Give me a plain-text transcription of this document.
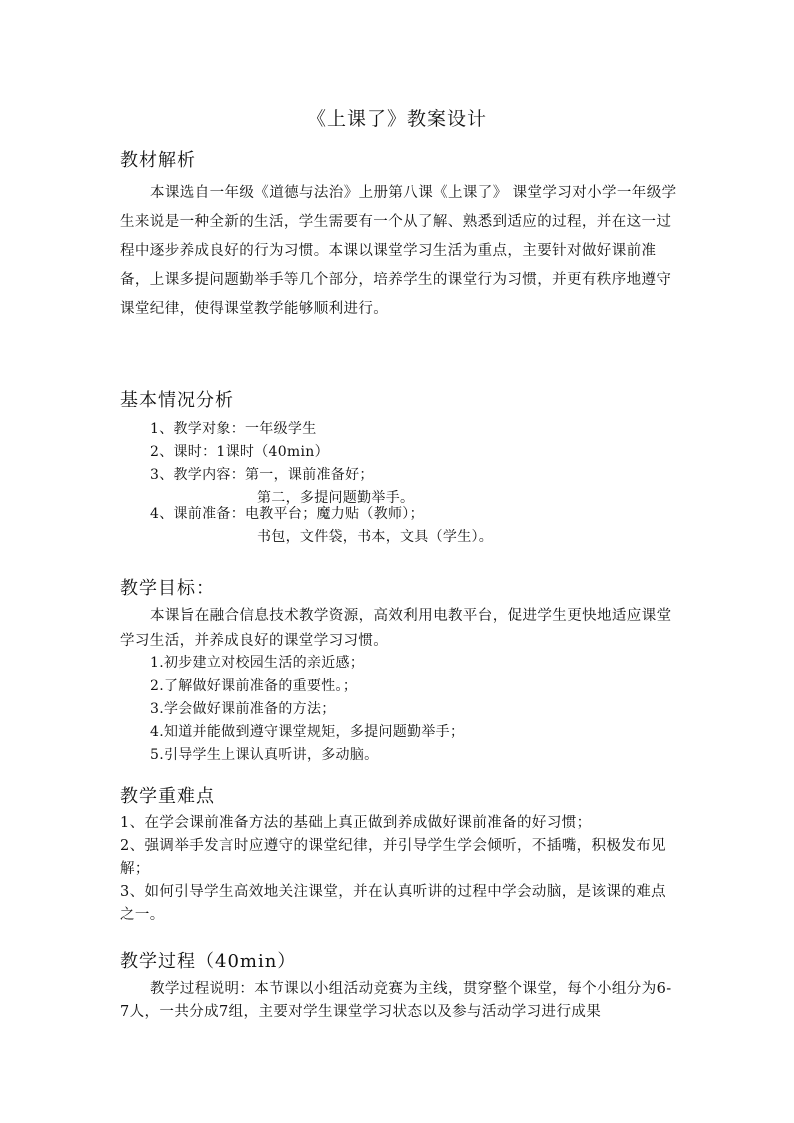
《上课了》教案设计
教材解析
本课选自一年级《道德与法治》上册第八课《上课了》 课堂学习对小学一年级学生来说是一种全新的生活，学生需要有一个从了解、熟悉到适应的过程，并在这一过程中逐步养成良好的行为习惯。本课以课堂学习生活为重点，主要针对做好课前准备，上课多提问题勤举手等几个部分，培养学生的课堂行为习惯，并更有秩序地遵守课堂纪律，使得课堂教学能够顺利进行。
基本情况分析
1、教学对象：一年级学生
2、课时：1课时（40min）
3、教学内容：第一，课前准备好；
第二，多提问题勤举手。
4、课前准备：电教平台；魔力贴（教师）；
书包，文件袋，书本，文具（学生）。
教学目标：
本课旨在融合信息技术教学资源，高效利用电教平台，促进学生更快地适应课堂学习生活，并养成良好的课堂学习习惯。
1.初步建立对校园生活的亲近感；
2.了解做好课前准备的重要性。；
3.学会做好课前准备的方法；
4.知道并能做到遵守课堂规矩，多提问题勤举手；
5.引导学生上课认真听讲，多动脑。
教学重难点
1、在学会课前准备方法的基础上真正做到养成做好课前准备的好习惯；
2、强调举手发言时应遵守的课堂纪律，并引导学生学会倾听，不插嘴，积极发布见解；
3、如何引导学生高效地关注课堂，并在认真听讲的过程中学会动脑，是该课的难点之一。
教学过程（40min）
教学过程说明：本节课以小组活动竞赛为主线，贯穿整个课堂，每个小组分为6-7人，一共分成7组，主要对学生课堂学习状态以及参与活动学习进行成果
